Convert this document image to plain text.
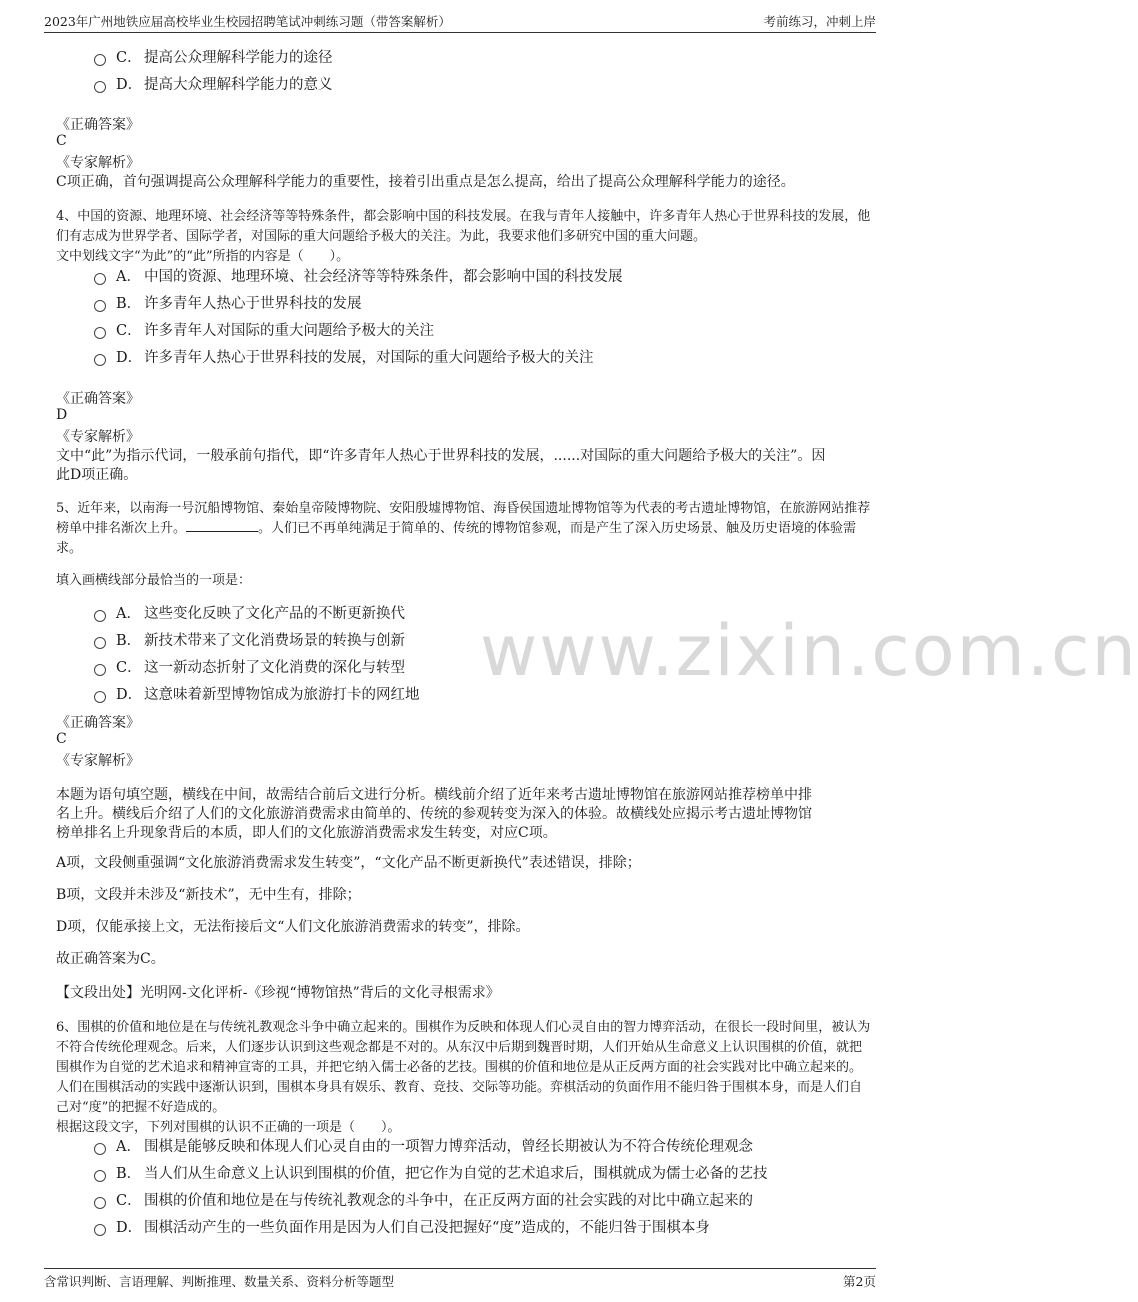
2023年广州地铁应届高校毕业生校园招聘笔试冲刺练习题（带答案解析）	考前练习，冲刺上岸
www.zixin.com.cn
C． 提高公众理解科学能力的途径
D． 提高大众理解科学能力的意义
《正确答案》
C
《专家解析》
C项正确，首句强调提高公众理解科学能力的重要性，接着引出重点是怎么提高，给出了提高公众理解科学能力的途径。
4、中国的资源、地理环境、社会经济等等特殊条件，都会影响中国的科技发展。在我与青年人接触中，许多青年人热心于世界科技的发展，他
们有志成为世界学者、国际学者，对国际的重大问题给予极大的关注。为此，我要求他们多研究中国的重大问题。
文中划线文字“为此”的“此”所指的内容是（　　）。
A． 中国的资源、地理环境、社会经济等等特殊条件，都会影响中国的科技发展
B． 许多青年人热心于世界科技的发展
C． 许多青年人对国际的重大问题给予极大的关注
D． 许多青年人热心于世界科技的发展，对国际的重大问题给予极大的关注
《正确答案》
D
《专家解析》
文中“此”为指示代词，一般承前句指代，即“许多青年人热心于世界科技的发展，......对国际的重大问题给予极大的关注”。因
此D项正确。
5、近年来，以南海一号沉船博物馆、秦始皇帝陵博物院、安阳殷墟博物馆、海昏侯国遗址博物馆等为代表的考古遗址博物馆，在旅游网站推荐
榜单中排名渐次上升。	。人们已不再单纯满足于简单的、传统的博物馆参观，而是产生了深入历史场景、触及历史语境的体验需
求。
填入画横线部分最恰当的一项是：
A． 这些变化反映了文化产品的不断更新换代
B． 新技术带来了文化消费场景的转换与创新
C． 这一新动态折射了文化消费的深化与转型
D． 这意味着新型博物馆成为旅游打卡的网红地
《正确答案》
C
《专家解析》
本题为语句填空题，横线在中间，故需结合前后文进行分析。横线前介绍了近年来考古遗址博物馆在旅游网站推荐榜单中排
名上升。横线后介绍了人们的文化旅游消费需求由简单的、传统的参观转变为深入的体验。故横线处应揭示考古遗址博物馆
榜单排名上升现象背后的本质，即人们的文化旅游消费需求发生转变，对应C项。
A项，文段侧重强调“文化旅游消费需求发生转变”，“文化产品不断更新换代”表述错误，排除；
B项，文段并未涉及“新技术”，无中生有，排除；
D项，仅能承接上文，无法衔接后文“人们文化旅游消费需求的转变”，排除。
故正确答案为C。
【文段出处】光明网-文化评析-《珍视“博物馆热”背后的文化寻根需求》
6、围棋的价值和地位是在与传统礼教观念斗争中确立起来的。围棋作为反映和体现人们心灵自由的智力博弈活动，在很长一段时间里，被认为
不符合传统伦理观念。后来，人们逐步认识到这些观念都是不对的。从东汉中后期到魏晋时期，人们开始从生命意义上认识围棋的价值，就把
围棋作为自觉的艺术追求和精神宣寄的工具，并把它纳入儒士必备的艺技。围棋的价值和地位是从正反两方面的社会实践对比中确立起来的。
人们在围棋活动的实践中逐渐认识到，围棋本身具有娱乐、教育、竞技、交际等功能。弈棋活动的负面作用不能归咎于围棋本身，而是人们自
己对“度”的把握不好造成的。
根据这段文字，下列对围棋的认识不正确的一项是（　　）。
A． 围棋是能够反映和体现人们心灵自由的一项智力博弈活动，曾经长期被认为不符合传统伦理观念
B． 当人们从生命意义上认识到围棋的价值，把它作为自觉的艺术追求后，围棋就成为儒士必备的艺技
C． 围棋的价值和地位是在与传统礼教观念的斗争中，在正反两方面的社会实践的对比中确立起来的
D． 围棋活动产生的一些负面作用是因为人们自己没把握好“度”造成的，不能归咎于围棋本身
含常识判断、言语理解、判断推理、数量关系、资料分析等题型	第2页
